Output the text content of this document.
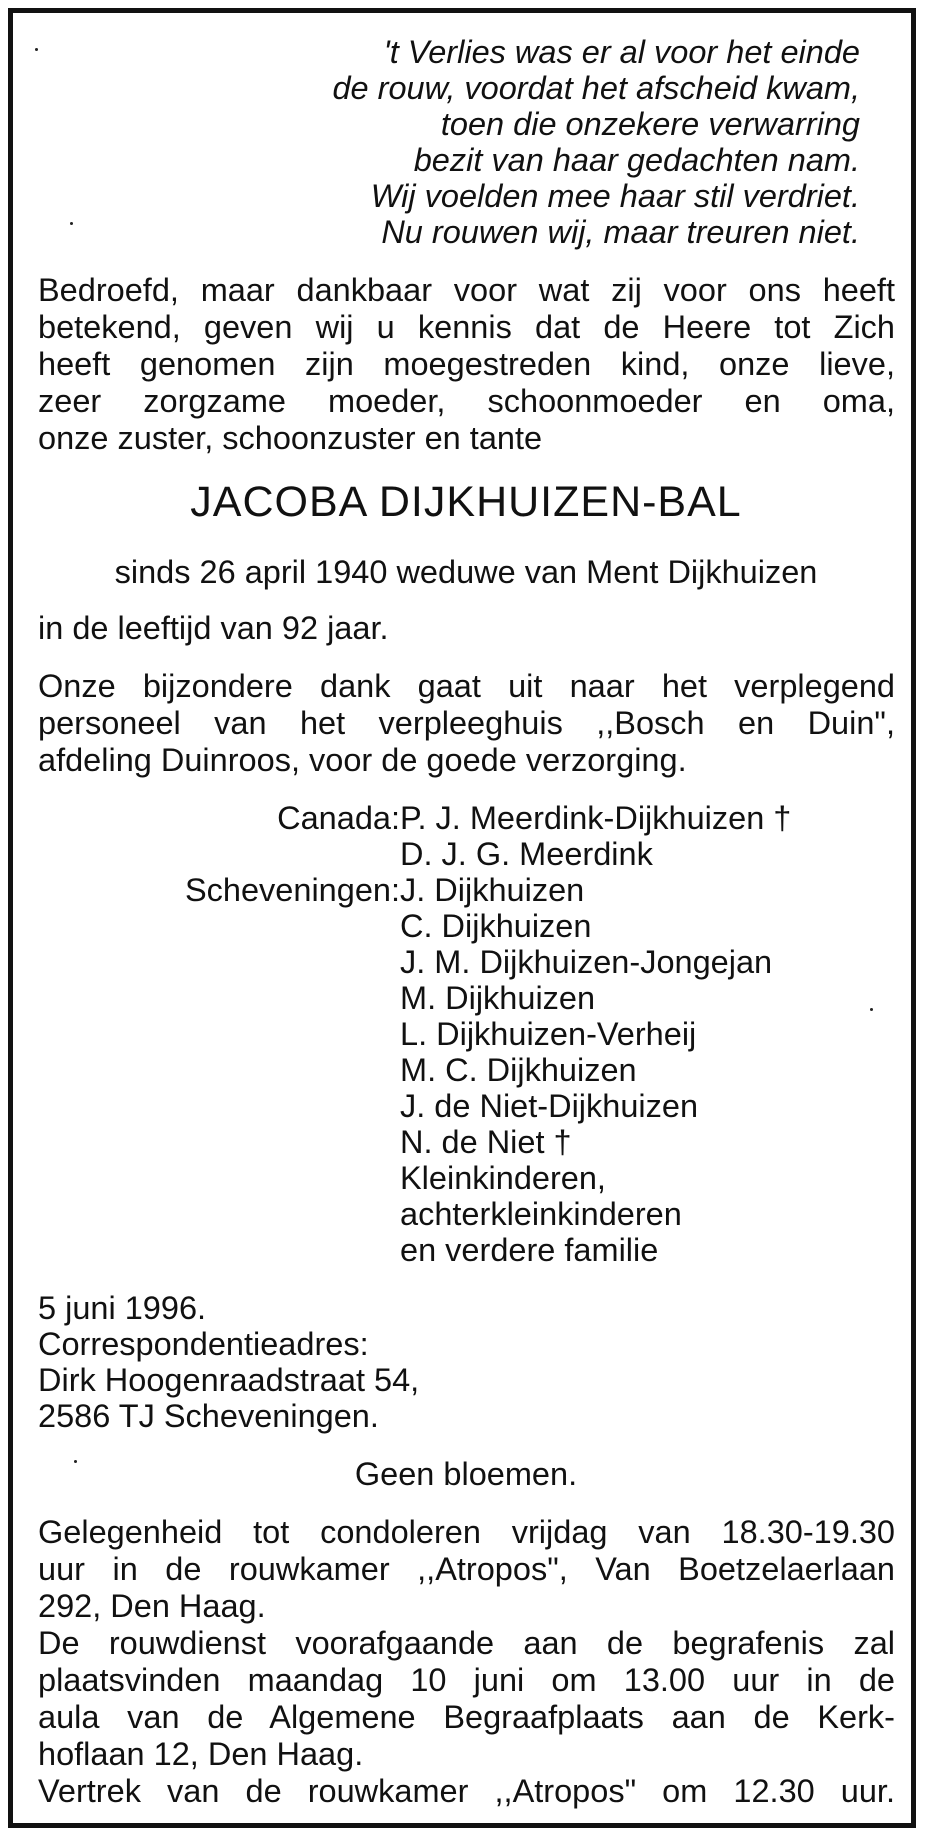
't Verlies was er al voor het einde

de rouw, voordat het afscheid kwam,

toen die onzekere verwarring

bezit van haar gedachten nam.

Wij voelden mee haar stil verdriet.

Nu rouwen wij, maar treuren niet.

Bedroefd, maar dankbaar voor wat zij voor ons heeft

betekend, geven wij u kennis dat de Heere tot Zich

heeft genomen zijn moegestreden kind, onze lieve,

zeer zorgzame moeder, schoonmoeder en oma,

onze zuster, schoonzuster en tante

JACOBA DIJKHUIZEN-BAL

sinds 26 april 1940 weduwe van Ment Dijkhuizen

in de leeftijd van 92 jaar.

Onze bijzondere dank gaat uit naar het verplegend

personeel van het verpleeghuis ,,Bosch en Duin",

afdeling Duinroos, voor de goede verzorging.

Canada:

Scheveningen:

P. J. Meerdink-Dijkhuizen †

D. J. G. Meerdink

J. Dijkhuizen

C. Dijkhuizen

J. M. Dijkhuizen-Jongejan

M. Dijkhuizen

L. Dijkhuizen-Verheij

M. C. Dijkhuizen

J. de Niet-Dijkhuizen

N. de Niet †

Kleinkinderen,

achterkleinkinderen

en verdere familie

5 juni 1996.

Correspondentieadres:

Dirk Hoogenraadstraat 54,

2586 TJ Scheveningen.

Geen bloemen.

Gelegenheid tot condoleren vrijdag van 18.30-19.30

uur in de rouwkamer ,,Atropos", Van Boetzelaerlaan

292, Den Haag.

De rouwdienst voorafgaande aan de begrafenis zal

plaatsvinden maandag 10 juni om 13.00 uur in de

aula van de Algemene Begraafplaats aan de Kerk-

hoflaan 12, Den Haag.

Vertrek van de rouwkamer ,,Atropos" om 12.30 uur.
